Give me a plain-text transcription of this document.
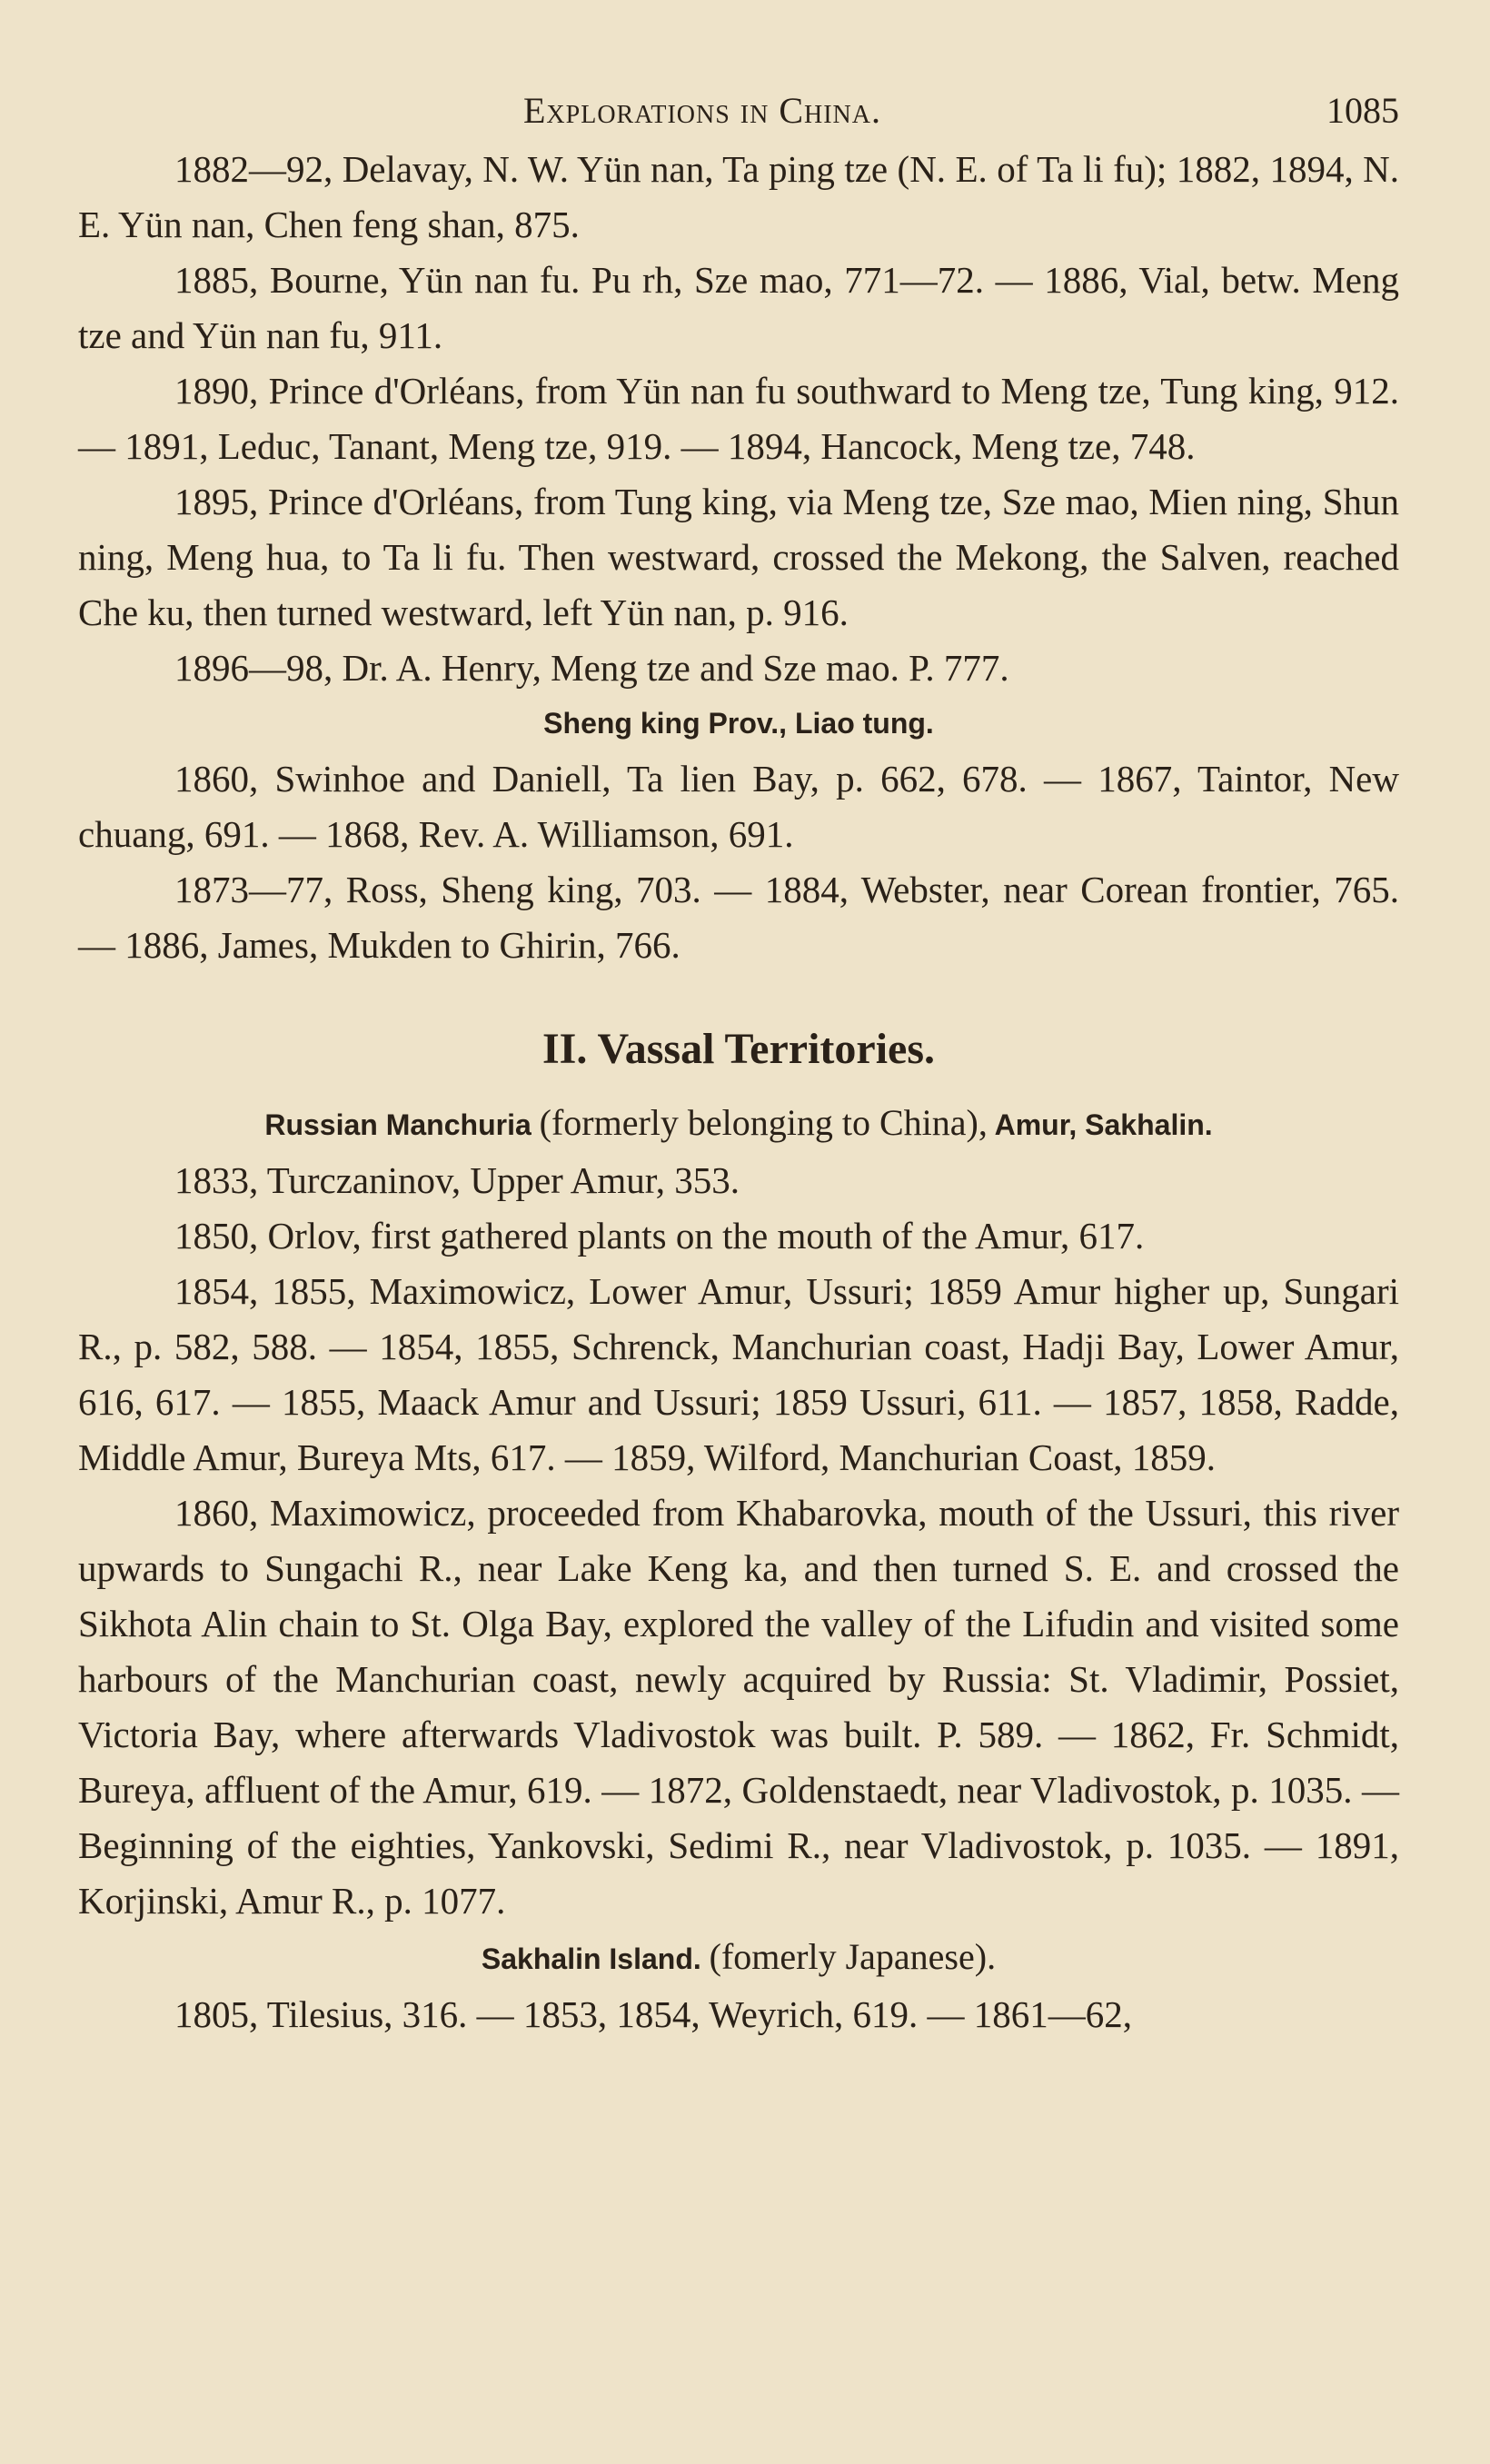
Explorations in China.	1085

1882—92, Delavay, N. W. Yün nan, Ta ping tze (N. E. of Ta li fu); 1882, 1894, N. E. Yün nan, Chen feng shan, 875.

1885, Bourne, Yün nan fu. Pu rh, Sze mao, 771—72. — 1886, Vial, betw. Meng tze and Yün nan fu, 911.

1890, Prince d'Orléans, from Yün nan fu southward to Meng tze, Tung king, 912. — 1891, Leduc, Tanant, Meng tze, 919. — 1894, Hancock, Meng tze, 748.

1895, Prince d'Orléans, from Tung king, via Meng tze, Sze mao, Mien ning, Shun ning, Meng hua, to Ta li fu. Then westward, crossed the Mekong, the Salven, reached Che ku, then turned westward, left Yün nan, p. 916.

1896—98, Dr. A. Henry, Meng tze and Sze mao. P. 777.

Sheng king Prov., Liao tung.

1860, Swinhoe and Daniell, Ta lien Bay, p. 662, 678. — 1867, Taintor, New chuang, 691. — 1868, Rev. A. Williamson, 691.

1873—77, Ross, Sheng king, 703. — 1884, Webster, near Corean frontier, 765. — 1886, James, Mukden to Ghirin, 766.

II. Vassal Territories.

Russian Manchuria (formerly belonging to China), Amur, Sakhalin.

1833, Turczaninov, Upper Amur, 353.

1850, Orlov, first gathered plants on the mouth of the Amur, 617.

1854, 1855, Maximowicz, Lower Amur, Ussuri; 1859 Amur higher up, Sungari R., p. 582, 588. — 1854, 1855, Schrenck, Manchurian coast, Hadji Bay, Lower Amur, 616, 617. — 1855, Maack Amur and Ussuri; 1859 Ussuri, 611. — 1857, 1858, Radde, Middle Amur, Bureya Mts, 617. — 1859, Wilford, Manchurian Coast, 1859.

1860, Maximowicz, proceeded from Khabarovka, mouth of the Ussuri, this river upwards to Sungachi R., near Lake Keng ka, and then turned S. E. and crossed the Sikhota Alin chain to St. Olga Bay, explored the valley of the Lifudin and visited some harbours of the Manchurian coast, newly acquired by Russia: St. Vladimir, Possiet, Victoria Bay, where afterwards Vladivostok was built. P. 589. — 1862, Fr. Schmidt, Bureya, affluent of the Amur, 619. — 1872, Goldenstaedt, near Vladivostok, p. 1035. — Beginning of the eighties, Yankovski, Sedimi R., near Vladivostok, p. 1035. — 1891, Korjinski, Amur R., p. 1077.

Sakhalin Island. (fomerly Japanese).

1805, Tilesius, 316. — 1853, 1854, Weyrich, 619. — 1861—62,
